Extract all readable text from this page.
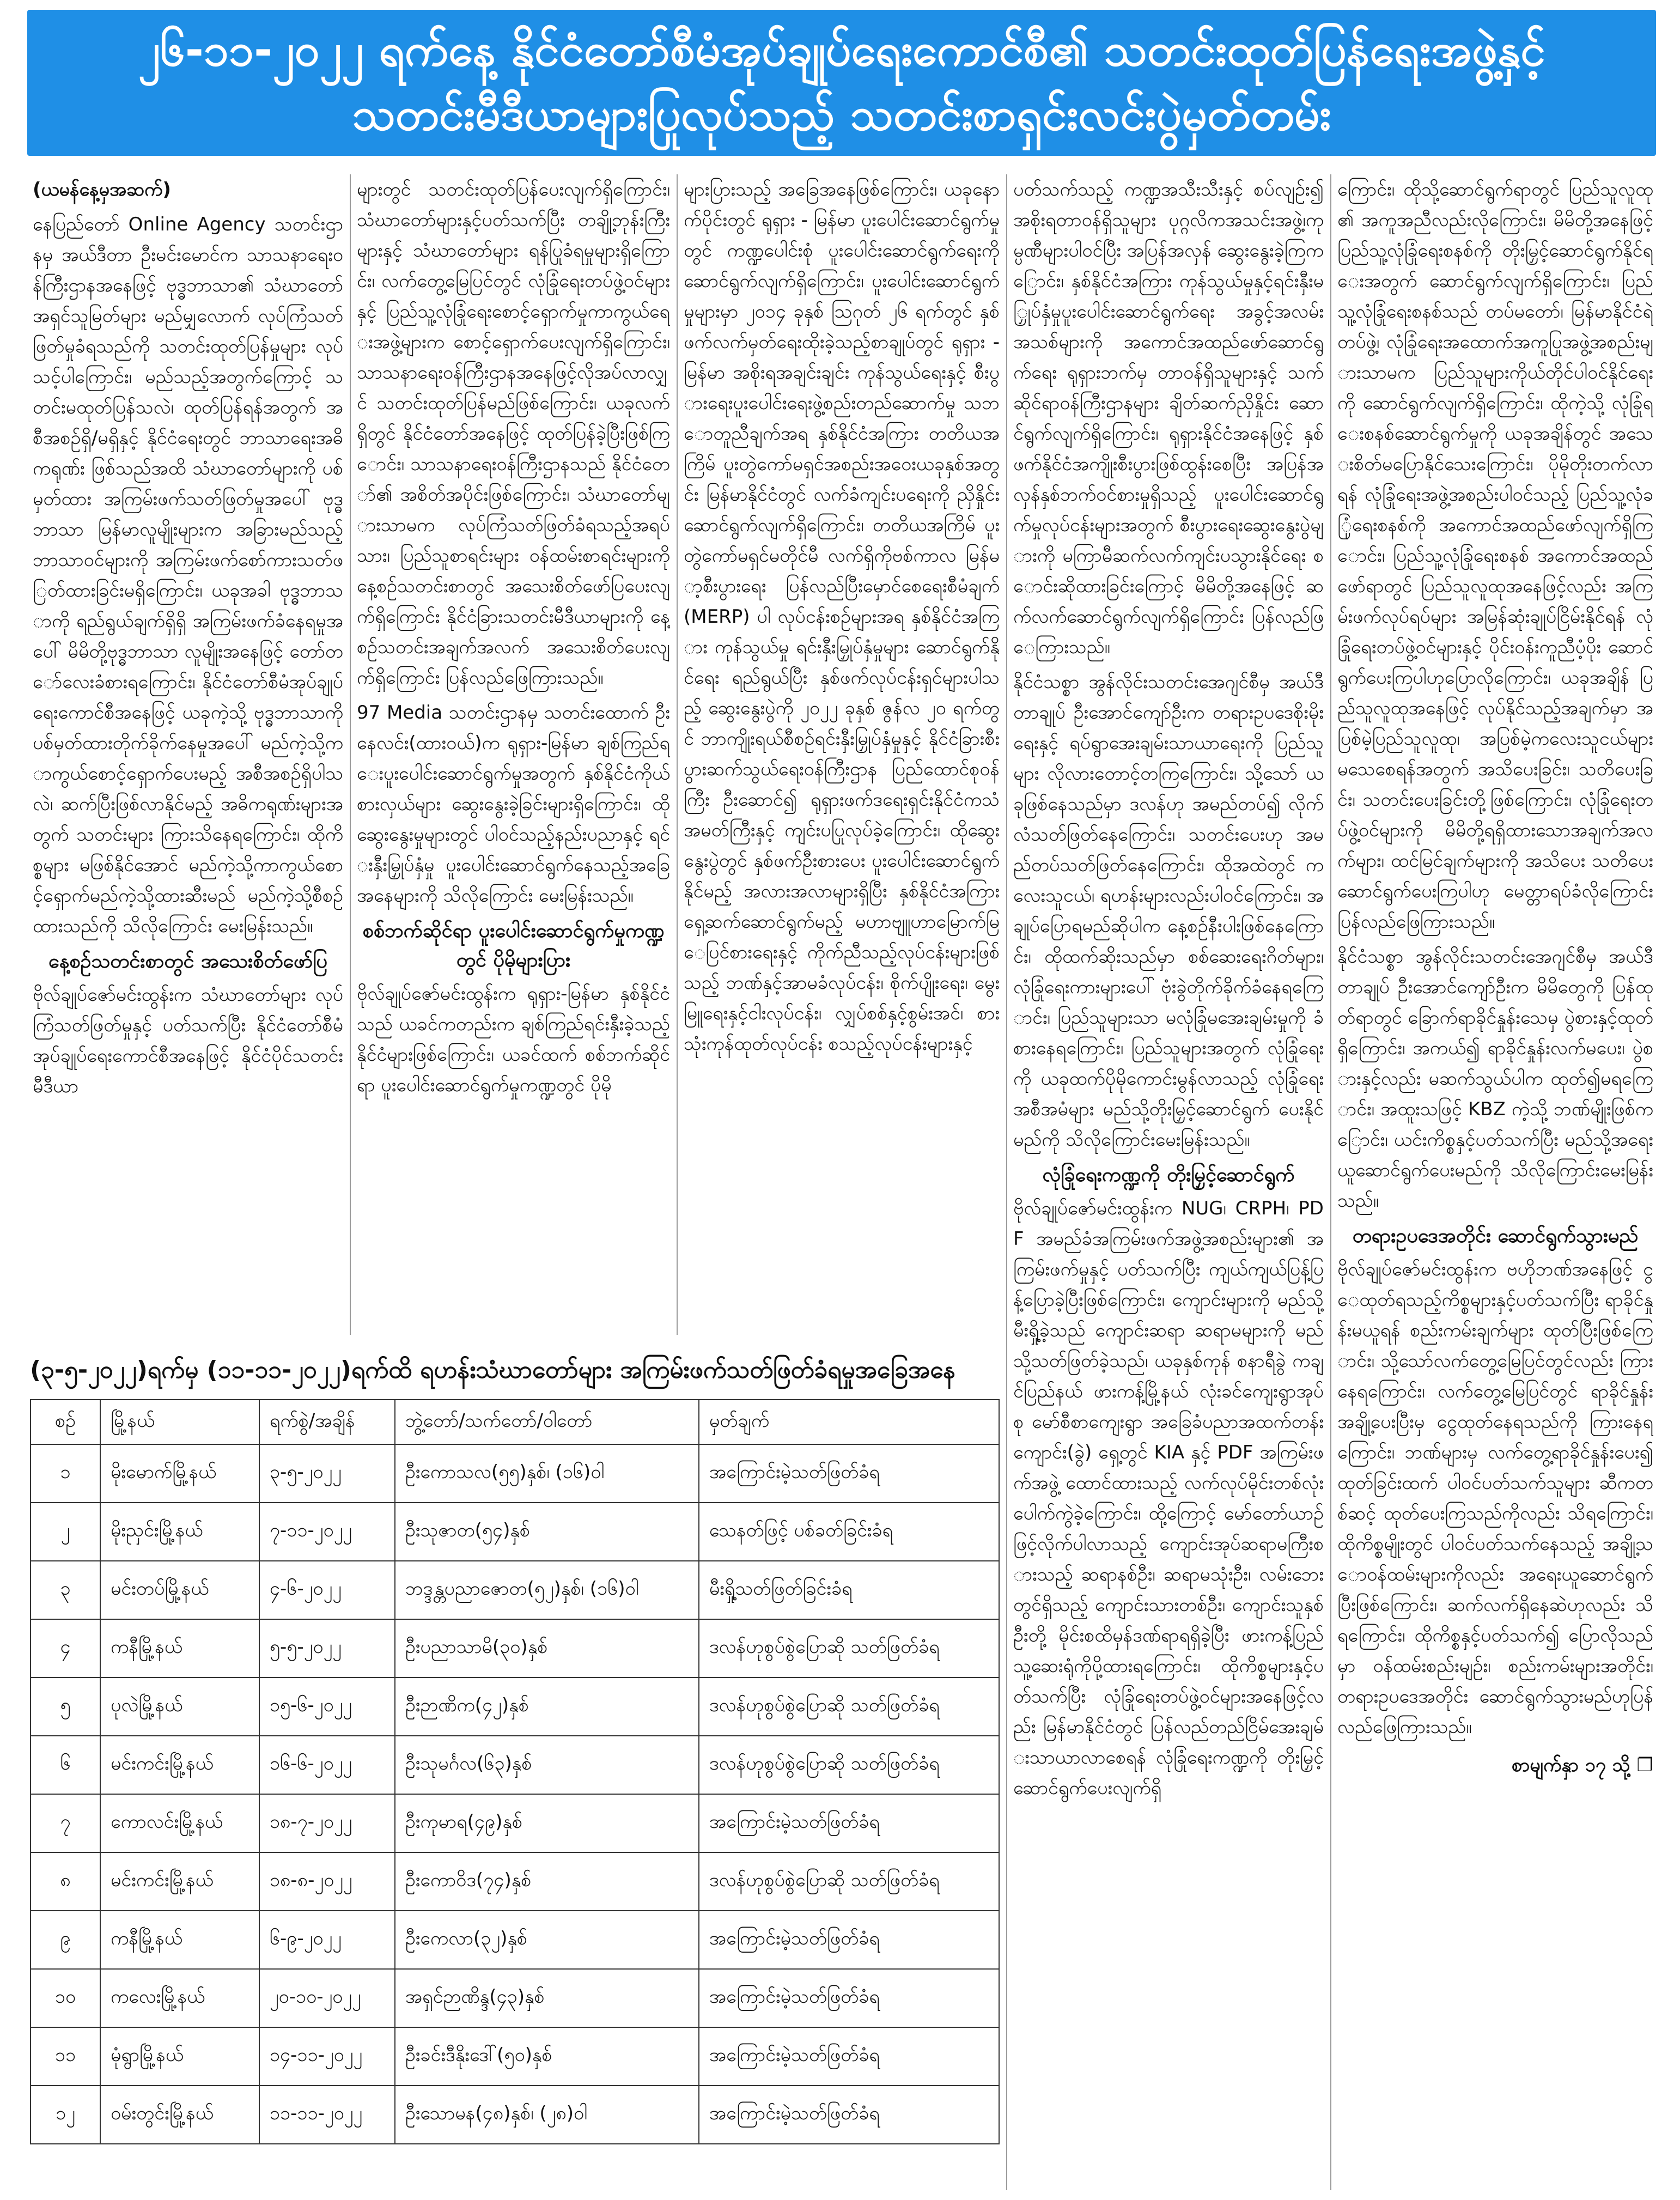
၂၆-၁၁-၂၀၂၂ ရက်နေ့ နိုင်ငံတော်စီမံအုပ်ချုပ်ရေးကောင်စီ၏ သတင်းထုတ်ပြန်ရေးအဖွဲ့နှင့်
သတင်းမီဒီယာများပြုလုပ်သည့် သတင်းစာရှင်းလင်းပွဲမှတ်တမ်း

(ယမန်နေ့မှအဆက်)

နေပြည်တော် Online Agency သတင်းဌာနမှ အယ်ဒီတာ ဦးမင်းမောင်က သာသနာရေးဝန်ကြီးဌာနအနေဖြင့် ဗုဒ္ဓဘာသာ၏ သံဃာတော်အရှင်သူမြတ်များ မည်မျှလောက် လုပ်ကြံသတ်ဖြတ်မှုခံရသည်ကို သတင်းထုတ်ပြန်မှုများ လုပ်သင့်ပါကြောင်း၊ မည်သည့်အတွက်ကြောင့် သတင်းမထုတ်ပြန်သလဲ၊ ထုတ်ပြန်ရန်အတွက် အစီအစဉ်ရှိ/မရှိနှင့် နိုင်ငံရေးတွင် ဘာသာရေးအဓိကရုဏ်း ဖြစ်သည်အထိ သံဃာတော်များကို ပစ်မှတ်ထား အကြမ်းဖက်သတ်ဖြတ်မှုအပေါ် ဗုဒ္ဓဘာသာ မြန်မာလူမျိုးများက အခြားမည်သည့် ဘာသာဝင်များကို အကြမ်းဖက်စော်ကားသတ်ဖြတ်ထားခြင်းမရှိကြောင်း၊ ယခုအခါ ဗုဒ္ဓဘာသာကို ရည်ရွယ်ချက်ရှိရှိ အကြမ်းဖက်ခံနေရမှုအပေါ် မိမိတို့ဗုဒ္ဓဘာသာ လူမျိုးအနေဖြင့် တော်တော်လေးခံစားရကြောင်း၊ နိုင်ငံတော်စီမံအုပ်ချုပ်ရေးကောင်စီအနေဖြင့် ယခုကဲ့သို့ ဗုဒ္ဓဘာသာကို ပစ်မှတ်ထားတိုက်ခိုက်နေမှုအပေါ် မည်ကဲ့သို့ကာကွယ်စောင့်ရှောက်ပေးမည့် အစီအစဉ်ရှိပါသလဲ၊ ဆက်ပြီးဖြစ်လာနိုင်မည့် အဓိကရုဏ်းများအတွက် သတင်းများ ကြားသိနေရကြောင်း၊ ထိုကိစ္စများ မဖြစ်နိုင်အောင် မည်ကဲ့သို့ကာကွယ်စောင့်ရှောက်မည်ကဲ့သို့ထားဆီးမည် မည်ကဲ့သို့စီစဉ်ထားသည်ကို သိလိုကြောင်း မေးမြန်းသည်။

နေ့စဉ်သတင်းစာတွင် အသေးစိတ်ဖော်ပြ

ဗိုလ်ချုပ်ဇော်မင်းထွန်းက သံဃာတော်များ လုပ်ကြံသတ်ဖြတ်မှုနှင့် ပတ်သက်ပြီး နိုင်ငံတော်စီမံအုပ်ချုပ်ရေးကောင်စီအနေဖြင့် နိုင်ငံပိုင်သတင်းမီဒီယာ

များတွင် သတင်းထုတ်ပြန်ပေးလျက်ရှိကြောင်း၊ သံဃာတော်များနှင့်ပတ်သက်ပြီး တချို့ဘုန်းကြီးများနှင့် သံဃာတော်များ ရန်ပြုခံရမှုများရှိကြောင်း၊ လက်တွေ့မြေပြင်တွင် လုံခြုံရေးတပ်ဖွဲ့ဝင်များနှင့် ပြည်သူ့လုံခြုံရေးစောင့်ရှောက်မှုကာကွယ်ရေးအဖွဲ့များက စောင့်ရှောက်ပေးလျက်ရှိကြောင်း၊ သာသနာရေးဝန်ကြီးဌာနအနေဖြင့်လိုအပ်လာလျှင် သတင်းထုတ်ပြန်မည်ဖြစ်ကြောင်း၊ ယခုလက်ရှိတွင် နိုင်ငံတော်အနေဖြင့် ထုတ်ပြန်ခဲ့ပြီးဖြစ်ကြောင်း၊ သာသနာရေးဝန်ကြီးဌာနသည် နိုင်ငံတော်၏ အစိတ်အပိုင်းဖြစ်ကြောင်း၊ သံဃာတော်များသာမက လုပ်ကြံသတ်ဖြတ်ခံရသည့်အရပ်သား၊ ပြည်သူစာရင်းများ ဝန်ထမ်းစာရင်းများကို နေ့စဉ်သတင်းစာတွင် အသေးစိတ်ဖော်ပြပေးလျက်ရှိကြောင်း နိုင်ငံခြားသတင်းမီဒီယာများကို နေ့စဉ်သတင်းအချက်အလက် အသေးစိတ်ပေးလျက်ရှိကြောင်း ပြန်လည်ဖြေကြားသည်။

97 Media သတင်းဌာနမှ သတင်းထောက် ဦးနေလင်း(ထားဝယ်)က ရုရှား-မြန်မာ ချစ်ကြည်ရေးပူးပေါင်းဆောင်ရွက်မှုအတွက် နှစ်နိုင်ငံကိုယ်စားလှယ်များ ဆွေးနွေးခဲ့ခြင်းများရှိကြောင်း၊ ထိုဆွေးနွေးမှုများတွင် ပါဝင်သည့်နည်းပညာနှင့် ရင်းနှီးမြှုပ်နှံမှု ပူးပေါင်းဆောင်ရွက်နေသည့်အခြေအနေများကို သိလိုကြောင်း မေးမြန်းသည်။

စစ်ဘက်ဆိုင်ရာ ပူးပေါင်းဆောင်ရွက်မှုကဏ္ဍတွင် ပိုမိုများပြား

ဗိုလ်ချုပ်ဇော်မင်းထွန်းက ရုရှား-မြန်မာ နှစ်နိုင်ငံသည် ယခင်ကတည်းက ချစ်ကြည်ရင်းနှီးခဲ့သည့် နိုင်ငံများဖြစ်ကြောင်း၊ ယခင်ထက် စစ်ဘက်ဆိုင်ရာ ပူးပေါင်းဆောင်ရွက်မှုကဏ္ဍတွင် ပိုမို

များပြားသည့် အခြေအနေဖြစ်ကြောင်း၊ ယခုနောက်ပိုင်းတွင် ရုရှား - မြန်မာ ပူးပေါင်းဆောင်ရွက်မှုတွင် ကဏ္ဍပေါင်းစုံ ပူးပေါင်းဆောင်ရွက်ရေးကို ဆောင်ရွက်လျက်ရှိကြောင်း၊ ပူးပေါင်းဆောင်ရွက်မှုများမှာ ၂၀၁၄ ခုနှစ် ဩဂုတ် ၂၆ ရက်တွင် နှစ်ဖက်လက်မှတ်ရေးထိုးခဲ့သည့်စာချုပ်တွင် ရုရှား - မြန်မာ အစိုးရအချင်းချင်း ကုန်သွယ်ရေးနှင့် စီးပွားရေးပူးပေါင်းရေးဖွဲ့စည်းတည်ဆောက်မှု သဘောတူညီချက်အရ နှစ်နိုင်ငံအကြား တတိယအကြိမ် ပူးတွဲကော်မရှင်အစည်းအဝေးယခုနှစ်အတွင်း မြန်မာနိုင်ငံတွင် လက်ခံကျင်းပရေးကို ညှိနှိုင်းဆောင်ရွက်လျက်ရှိကြောင်း၊ တတိယအကြိမ် ပူးတွဲကော်မရှင်မတိုင်မီ လက်ရှိကိုဗစ်ကာလ မြန်မာ့စီးပွားရေး ပြန်လည်ပြီးမှောင်စေရေးစီမံချက် (MERP) ပါ လုပ်ငန်းစဉ်များအရ နှစ်နိုင်ငံအကြား ကုန်သွယ်မှု ရင်းနှီးမြှုပ်နှံမှုများ ဆောင်ရွက်နိုင်ရေး ရည်ရွယ်ပြီး နှစ်ဖက်လုပ်ငန်းရှင်များပါသည့် ဆွေးနွေးပွဲကို ၂၀၂၂ ခုနှစ် ဇွန်လ ၂၀ ရက်တွင် ဘာကျိုးရယ်စီစဉ်ရင်းနှီးမြှုပ်နှံမှုနှင့် နိုင်ငံခြားစီးပွားဆက်သွယ်ရေးဝန်ကြီးဌာန ပြည်ထောင်စုဝန်ကြီး ဦးဆောင်၍ ရုရှားဖက်ဒရေးရှင်းနိုင်ငံကသံအမတ်ကြီးနှင့် ကျင်းပပြုလုပ်ခဲ့ကြောင်း၊ ထိုဆွေးနွေးပွဲတွင် နှစ်ဖက်ဦးစားပေး ပူးပေါင်းဆောင်ရွက်နိုင်မည့် အလားအလာများရှိပြီး နှစ်နိုင်ငံအကြား ရှေ့ဆက်ဆောင်ရွက်မည့် မဟာဗျူဟာမြောက်မြေပြင်စားရေးနှင့် ကိုက်ညီသည့်လုပ်ငန်းများဖြစ်သည့် ဘဏ်နှင့်အာမခံလုပ်ငန်း၊ စိုက်ပျိုးရေး၊ မွေးမြူရေးနှင့်ငါးလုပ်ငန်း၊ လျှပ်စစ်နှင့်စွမ်းအင်၊ စားသုံးကုန်ထုတ်လုပ်ငန်း စသည့်လုပ်ငန်းများနှင့်

ပတ်သက်သည့် ကဏ္ဍအသီးသီးနှင့် စပ်လျဉ်း၍ အစိုးရတာဝန်ရှိသူများ ပုဂ္ဂလိကအသင်းအဖွဲ့၊ကုမ္ပဏီများပါဝင်ပြီး အပြန်အလှန် ဆွေးနွေးခဲ့ကြကြောင်း၊ နှစ်နိုင်ငံအကြား ကုန်သွယ်မှုနှင့်ရင်းနှီးမြှုပ်နှံမှုပူးပေါင်းဆောင်ရွက်ရေး အခွင့်အလမ်းအသစ်များကို အကောင်အထည်ဖော်ဆောင်ရွက်ရေး ရုရှားဘက်မှ တာဝန်ရှိသူများနှင့် သက်ဆိုင်ရာဝန်ကြီးဌာနများ ချိတ်ဆက်ညှိနှိုင်း ဆောင်ရွက်လျက်ရှိကြောင်း၊ ရုရှားနိုင်ငံအနေဖြင့် နှစ်ဖက်နိုင်ငံအကျိုးစီးပွားဖြစ်ထွန်းစေပြီး အပြန်အလှန်နှစ်ဘက်ဝင်စားမှုရှိသည့် ပူးပေါင်းဆောင်ရွက်မှုလုပ်ငန်းများအတွက် စီးပွားရေးဆွေးနွေးပွဲများကို မကြာမီဆက်လက်ကျင်းပသွားနိုင်ရေး စောင်းဆိုထားခြင်းကြောင့် မိမိတို့အနေဖြင့် ဆက်လက်ဆောင်ရွက်လျက်ရှိကြောင်း ပြန်လည်ဖြေကြားသည်။

နိုင်ငံသစ္စာ အွန်လိုင်းသတင်းအေဂျင်စီမှ အယ်ဒီတာချုပ် ဦးအောင်ကျော်ဦးက တရားဥပဒေစိုးမိုးရေးနှင့် ရပ်ရွာအေးချမ်းသာယာရေးကို ပြည်သူများ လိုလားတောင့်တကြကြောင်း၊ သို့သော် ယခုဖြစ်နေသည်မှာ ဒလန်ဟု အမည်တပ်၍ လိုက်လံသတ်ဖြတ်နေကြောင်း၊ သတင်းပေးဟု အမည်တပ်သတ်ဖြတ်နေကြောင်း၊ ထိုအထဲတွင် ကလေးသူငယ်၊ ရဟန်းများလည်းပါဝင်ကြောင်း၊ အချုပ်ပြောရမည်ဆိုပါက နေ့စဉ်နီးပါးဖြစ်နေကြောင်း၊ ထိုထက်ဆိုးသည်မှာ စစ်ဆေးရေးဂိတ်များ၊ လုံခြုံရေးကားများပေါ် ဗုံးခွဲတိုက်ခိုက်ခံနေရကြောင်း၊ ပြည်သူများသာ မလုံခြုံမအေးချမ်းမှုကို ခံစားနေရကြောင်း၊ ပြည်သူများအတွက် လုံခြုံရေးကို ယခုထက်ပိုမိုကောင်းမွန်လာသည့် လုံခြုံရေး အစီအမံများ မည်သို့တိုးမြှင့်ဆောင်ရွက် ပေးနိုင်မည်ကို သိလိုကြောင်းမေးမြန်းသည်။

လုံခြုံရေးကဏ္ဍကို တိုးမြှင့်ဆောင်ရွက်

ဗိုလ်ချုပ်ဇော်မင်းထွန်းက NUG၊ CRPH၊ PDF အမည်ခံအကြမ်းဖက်အဖွဲ့အစည်းများ၏ အကြမ်းဖက်မှုနှင့် ပတ်သက်ပြီး ကျယ်ကျယ်ပြန့်ပြန့်ပြောခဲ့ပြီးဖြစ်ကြောင်း၊ ကျောင်းများကို မည်သို့ မီးရှို့ခဲ့သည် ကျောင်းဆရာ ဆရာမများကို မည်သို့သတ်ဖြတ်ခဲ့သည်၊ ယခုနှစ်ကုန် စနာရီခွဲ ကချင်ပြည်နယ် ဖားကန့်မြို့နယ် လုံးခင်ကျေးရွာအုပ်စု မော်စီစာကျေးရွာ အခြေခံပညာအထက်တန်းကျောင်း(ခွဲ) ရှေ့တွင် KIA နှင့် PDF အကြမ်းဖက်အဖွဲ့ ထောင်ထားသည့် လက်လုပ်မိုင်းတစ်လုံး ပေါက်ကွဲခဲ့ကြောင်း၊ ထို့ကြောင့် မော်တော်ယာဉ်ဖြင့်လိုက်ပါလာသည့် ကျောင်းအုပ်ဆရာမကြီးစားသည့် ဆရာနစ်ဦး၊ ဆရာမသုံးဦး၊ လမ်းဘေးတွင်ရှိသည့် ကျောင်းသားတစ်ဦး၊ ကျောင်းသူနှစ်ဦးတို့ မိုင်းစထိမှန်ဒဏ်ရာရရှိခဲ့ပြီး ဖားကန့်ပြည်သူ့ဆေးရုံကိုပို့ထားရကြောင်း၊ ထိုကိစ္စများနှင့်ပတ်သက်ပြီး လုံခြုံရေးတပ်ဖွဲ့ဝင်များအနေဖြင့်လည်း မြန်မာနိုင်ငံတွင် ပြန်လည်တည်ငြိမ်အေးချမ်းသာယာလာစေရန် လုံခြုံရေးကဏ္ဍကို တိုးမြှင့်ဆောင်ရွက်ပေးလျက်ရှိ

ကြောင်း၊ ထိုသို့ဆောင်ရွက်ရာတွင် ပြည်သူလူထု၏ အကူအညီလည်းလိုကြောင်း၊ မိမိတို့အနေဖြင့် ပြည်သူ့လုံခြုံရေးစနစ်ကို တိုးမြှင့်ဆောင်ရွက်နိုင်ရေးအတွက် ဆောင်ရွက်လျက်ရှိကြောင်း၊ ပြည်သူ့လုံခြုံရေးစနစ်သည် တပ်မတော်၊ မြန်မာနိုင်ငံရဲတပ်ဖွဲ့၊ လုံခြုံရေးအထောက်အကူပြုအဖွဲ့အစည်းများသာမက ပြည်သူများကိုယ်တိုင်ပါဝင်နိုင်ရေးကို ဆောင်ရွက်လျက်ရှိကြောင်း၊ ထိုကဲ့သို့ လုံခြုံရေးစနစ်ဆောင်ရွက်မှုကို ယခုအချိန်တွင် အသေးစိတ်မပြောနိုင်သေးကြောင်း၊ ပိုမိုတိုးတက်လာရန် လုံခြုံရေးအဖွဲ့အစည်းပါဝင်သည့် ပြည်သူ့လုံခြုံရေးစနစ်ကို အကောင်အထည်ဖော်လျက်ရှိကြောင်း၊ ပြည်သူ့လုံခြုံရေးစနစ် အကောင်အထည်ဖော်ရာတွင် ပြည်သူလူထုအနေဖြင့်လည်း အကြမ်းဖက်လုပ်ရပ်များ အမြန်ဆုံးချုပ်ငြိမ်းနိုင်ရန် လုံခြုံရေးတပ်ဖွဲ့ဝင်များနှင့် ပိုင်းဝန်းကူညီပံ့ပိုး ဆောင်ရွက်ပေးကြပါဟုပြောလိုကြောင်း၊ ယခုအချိန် ပြည်သူလူထုအနေဖြင့် လုပ်နိုင်သည့်အချက်မှာ အပြစ်မဲ့ပြည်သူလူထု၊ အပြစ်မဲ့ကလေးသူငယ်များ မသေစေရန်အတွက် အသိပေးခြင်း၊ သတိပေးခြင်း၊ သတင်းပေးခြင်းတို့ဖြစ်ကြောင်း၊ လုံခြုံရေးတပ်ဖွဲ့ဝင်များကို မိမိတို့ရရှိထားသောအချက်အလက်များ၊ ထင်မြင်ချက်များကို အသိပေး သတိပေးဆောင်ရွက်ပေးကြပါဟု မေတ္တာရပ်ခံလိုကြောင်း ပြန်လည်ဖြေကြားသည်။

နိုင်ငံသစ္စာ အွန်လိုင်းသတင်းအေဂျင်စီမှ အယ်ဒီတာချုပ် ဦးအောင်ကျော်ဦးက မိမိတွေကို ပြန်ထုတ်ရာတွင် ခြောက်ရာခိုင်နှုန်းသေမှ ပွဲစားနှင့်ထုတ်ရှိကြောင်း၊ အကယ်၍ ရာခိုင်နှုန်းလက်မပေး၊ ပွဲစားနှင့်လည်း မဆက်သွယ်ပါက ထုတ်၍မရကြောင်း၊ အထူးသဖြင့် KBZ ကဲ့သို့ ဘဏ်မျိုးဖြစ်ကြောင်း၊ ယင်းကိစ္စနှင့်ပတ်သက်ပြီး မည်သို့အရေးယူဆောင်ရွက်ပေးမည်ကို သိလိုကြောင်းမေးမြန်းသည်။

တရားဥပဒေအတိုင်း ဆောင်ရွက်သွားမည်

ဗိုလ်ချုပ်ဇော်မင်းထွန်းက ဗဟိုဘဏ်အနေဖြင့် ငွေထုတ်ရသည့်ကိစ္စများနှင့်ပတ်သက်ပြီး ရာခိုင်နှုန်းမယူရန် စည်းကမ်းချက်များ ထုတ်ပြီးဖြစ်ကြောင်း၊ သို့သော်လက်တွေ့မြေပြင်တွင်လည်း ကြားနေရကြောင်း၊ လက်တွေ့မြေပြင်တွင် ရာခိုင်နှုန်းအချို့ပေးပြီးမှ ငွေထုတ်နေရသည်ကို ကြားနေရကြောင်း၊ ဘဏ်များမှ လက်တွေ့ရာခိုင်နှုန်းပေး၍ ထုတ်ခြင်းထက် ပါဝင်ပတ်သက်သူများ ဆီကတစ်ဆင့် ထုတ်ပေးကြသည်ကိုလည်း သိရကြောင်း၊ ထိုကိစ္စမျိုးတွင် ပါဝင်ပတ်သက်နေသည့် အချို့သောဝန်ထမ်းများကိုလည်း အရေးယူဆောင်ရွက်ပြီးဖြစ်ကြောင်း၊ ဆက်လက်ရှိနေဆဲဟုလည်း သိရကြောင်း၊ ထိုကိစ္စနှင့်ပတ်သက်၍ ပြောလိုသည်မှာ ဝန်ထမ်းစည်းမျဉ်း၊ စည်းကမ်းများအတိုင်း၊ တရားဥပဒေအတိုင်း ဆောင်ရွက်သွားမည်ဟုပြန်လည်ဖြေကြားသည်။

စာမျက်နှာ ၁၇ သို့ ❐

(၃-၅-၂၀၂၂)ရက်မှ (၁၁-၁၁-၂၀၂၂)ရက်ထိ ရဟန်းသံဃာတော်များ အကြမ်းဖက်သတ်ဖြတ်ခံရမှုအခြေအနေ
စဉ်	မြို့နယ်	ရက်စွဲ/အချိန်	ဘွဲ့တော်/သက်တော်/ဝါတော်	မှတ်ချက်
၁	မိုးမောက်မြို့နယ်	၃-၅-၂၀၂၂	ဦးကောသလ(၅၅)နှစ်၊ (၁၆)ဝါ	အကြောင်းမဲ့သတ်ဖြတ်ခံရ
၂	မိုးညှင်းမြို့နယ်	၇-၁၁-၂၀၂၂	ဦးသုဇာတ(၅၄)နှစ်	သေနတ်ဖြင့် ပစ်ခတ်ခြင်းခံရ
၃	မင်းတပ်မြို့နယ်	၄-၆-၂၀၂၂	ဘဒ္ဒန္တပညာဇောတ(၅၂)နှစ်၊ (၁၆)ဝါ	မီးရှို့သတ်ဖြတ်ခြင်းခံရ
၄	ကနီမြို့နယ်	၅-၅-၂၀၂၂	ဦးပညာသာမိ(၃၀)နှစ်	ဒလန်ဟုစွပ်စွဲပြောဆို သတ်ဖြတ်ခံရ
၅	ပုလဲမြို့နယ်	၁၅-၆-၂၀၂၂	ဦးဉာဏိက(၄၂)နှစ်	ဒလန်ဟုစွပ်စွဲပြောဆို သတ်ဖြတ်ခံရ
၆	မင်းကင်းမြို့နယ်	၁၆-၆-၂၀၂၂	ဦးသုမင်္ဂလ(၆၃)နှစ်	ဒလန်ဟုစွပ်စွဲပြောဆို သတ်ဖြတ်ခံရ
၇	ကောလင်းမြို့နယ်	၁၈-၇-၂၀၂၂	ဦးကုမာရ(၄၉)နှစ်	အကြောင်းမဲ့သတ်ဖြတ်ခံရ
၈	မင်းကင်းမြို့နယ်	၁၈-၈-၂၀၂၂	ဦးကောဝိဒ(၇၄)နှစ်	ဒလန်ဟုစွပ်စွဲပြောဆို သတ်ဖြတ်ခံရ
၉	ကနီမြို့နယ်	၆-၉-၂၀၂၂	ဦးကေလာ(၃၂)နှစ်	အကြောင်းမဲ့သတ်ဖြတ်ခံရ
၁၀	ကလေးမြို့နယ်	၂၀-၁၀-၂၀၂၂	အရှင်ဉာဏိန္ဒ(၄၃)နှစ်	အကြောင်းမဲ့သတ်ဖြတ်ခံရ
၁၁	မုံရွာမြို့နယ်	၁၄-၁၁-၂၀၂၂	ဦးခင်းဒီနိုးဒေါ်(၅၀)နှစ်	အကြောင်းမဲ့သတ်ဖြတ်ခံရ
၁၂	ဝမ်းတွင်းမြို့နယ်	၁၁-၁၁-၂၀၂၂	ဦးသောမန(၄၈)နှစ်၊ (၂၈)ဝါ	အကြောင်းမဲ့သတ်ဖြတ်ခံရ
